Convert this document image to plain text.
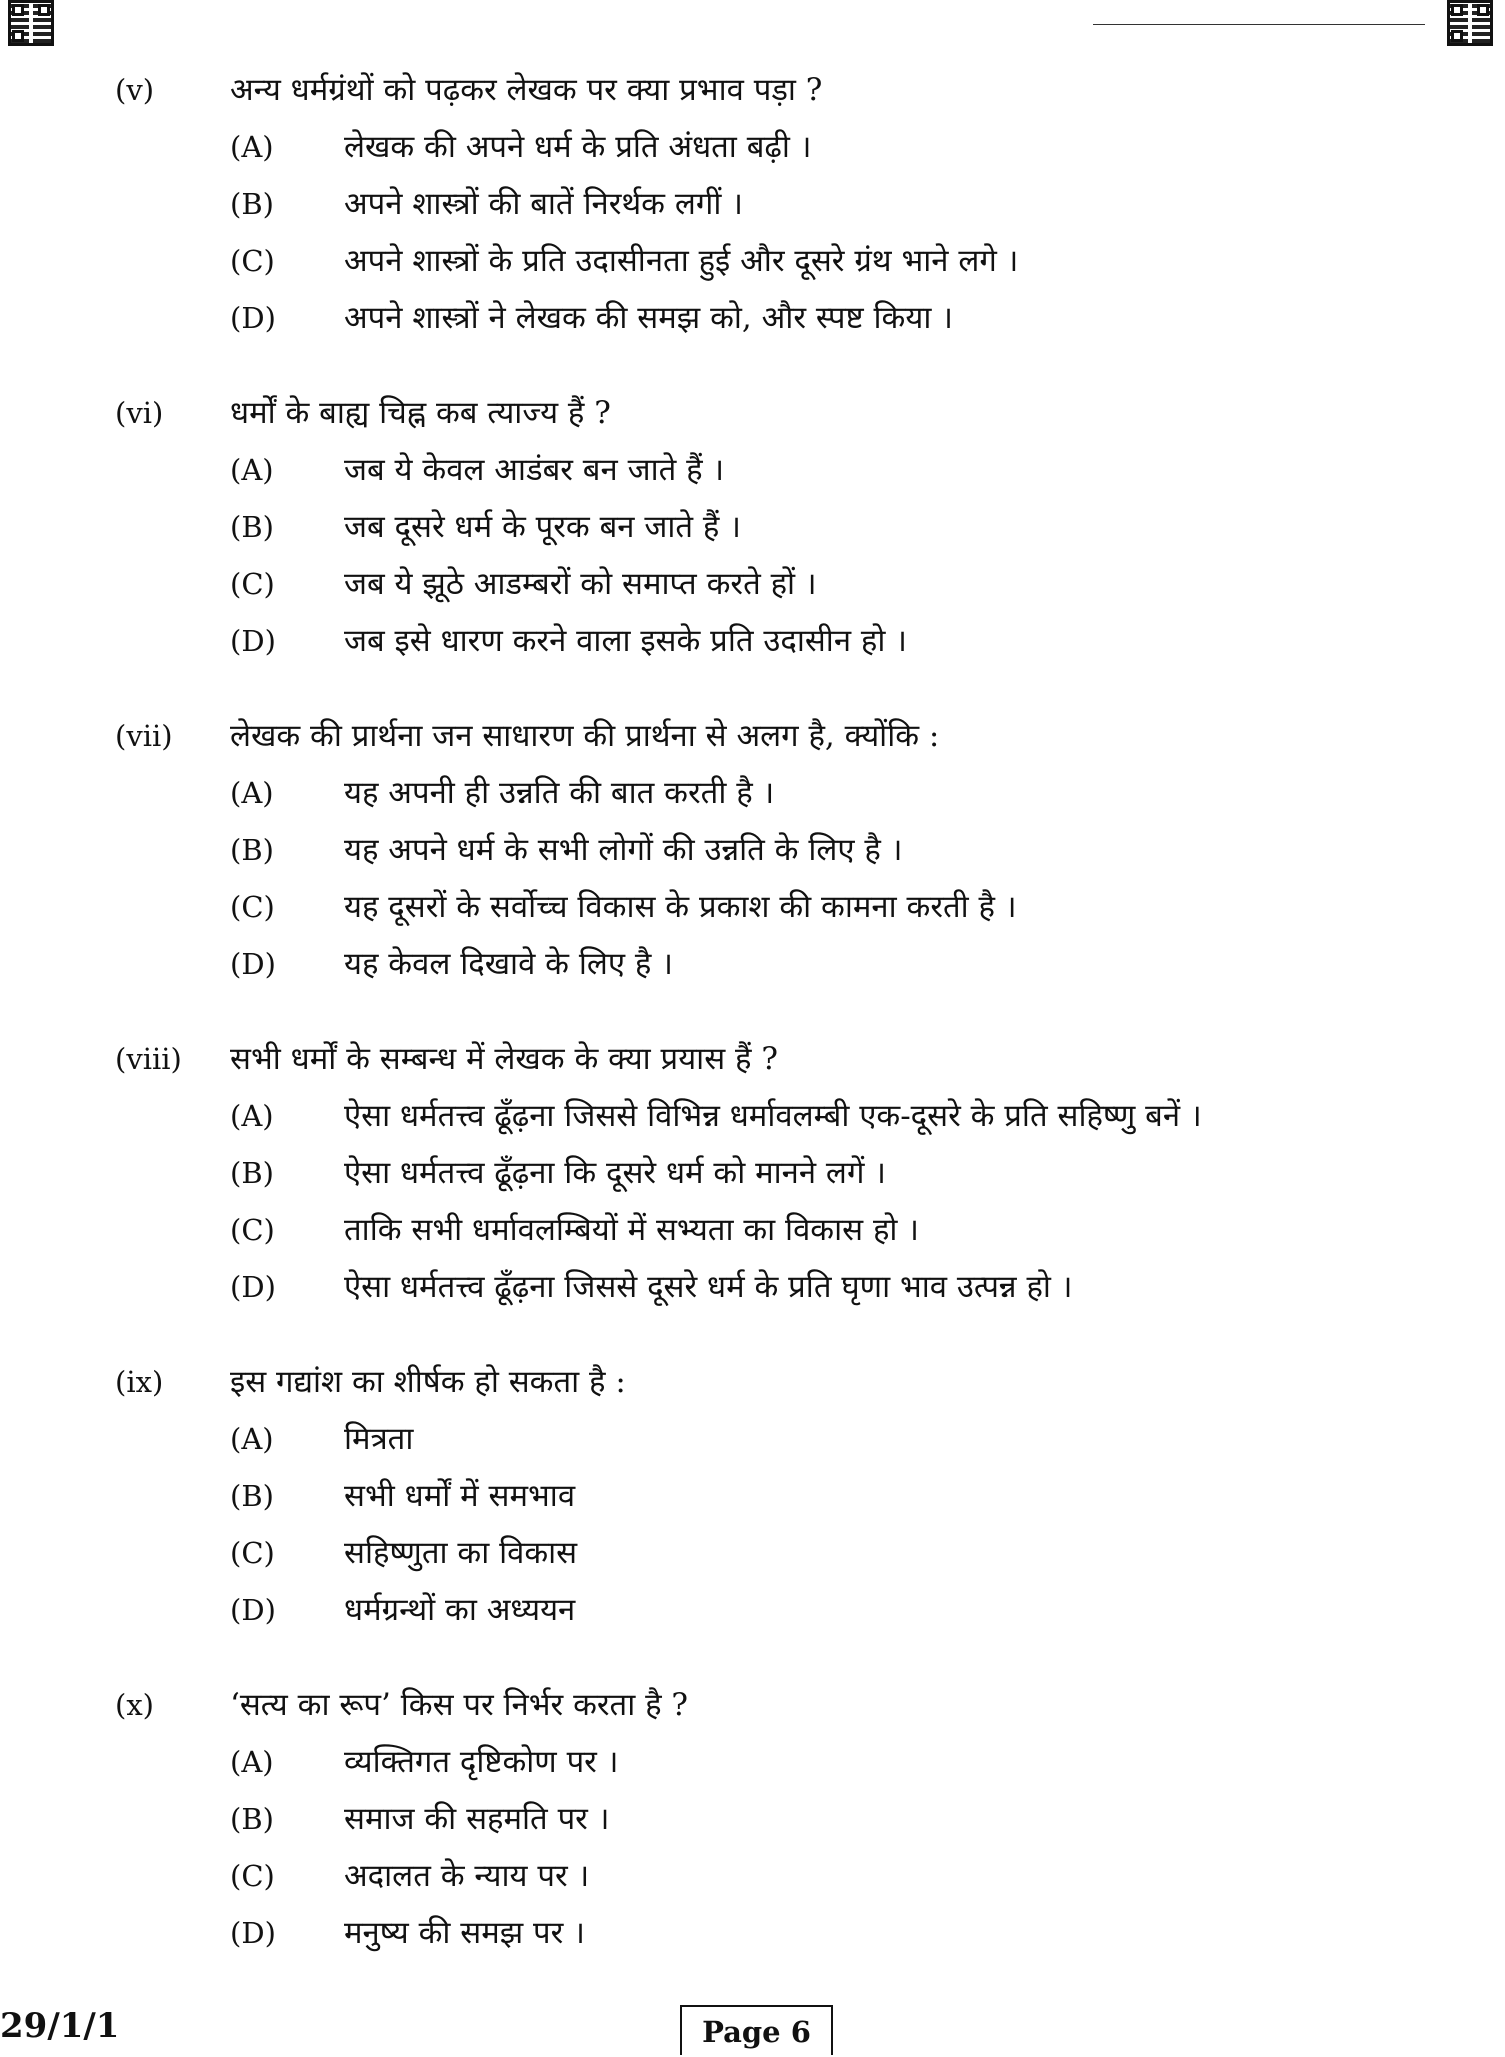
(v) अन्य धर्मग्रंथों को पढ़कर लेखक पर क्या प्रभाव पड़ा ?
(A) लेखक की अपने धर्म के प्रति अंधता बढ़ी ।
(B) अपने शास्त्रों की बातें निरर्थक लगीं ।
(C) अपने शास्त्रों के प्रति उदासीनता हुई और दूसरे ग्रंथ भाने लगे ।
(D) अपने शास्त्रों ने लेखक की समझ को, और स्पष्ट किया ।
(vi) धर्मों के बाह्य चिह्न कब त्याज्य हैं ?
(A) जब ये केवल आडंबर बन जाते हैं ।
(B) जब दूसरे धर्म के पूरक बन जाते हैं ।
(C) जब ये झूठे आडम्बरों को समाप्त करते हों ।
(D) जब इसे धारण करने वाला इसके प्रति उदासीन हो ।
(vii) लेखक की प्रार्थना जन साधारण की प्रार्थना से अलग है, क्योंकि :
(A) यह अपनी ही उन्नति की बात करती है ।
(B) यह अपने धर्म के सभी लोगों की उन्नति के लिए है ।
(C) यह दूसरों के सर्वोच्च विकास के प्रकाश की कामना करती है ।
(D) यह केवल दिखावे के लिए है ।
(viii) सभी धर्मों के सम्बन्ध में लेखक के क्या प्रयास हैं ?
(A) ऐसा धर्मतत्त्व ढूँढ़ना जिससे विभिन्न धर्मावलम्बी एक-दूसरे के प्रति सहिष्णु बनें ।
(B) ऐसा धर्मतत्त्व ढूँढ़ना कि दूसरे धर्म को मानने लगें ।
(C) ताकि सभी धर्मावलम्बियों में सभ्यता का विकास हो ।
(D) ऐसा धर्मतत्त्व ढूँढ़ना जिससे दूसरे धर्म के प्रति घृणा भाव उत्पन्न हो ।
(ix) इस गद्यांश का शीर्षक हो सकता है :
(A) मित्रता
(B) सभी धर्मों में समभाव
(C) सहिष्णुता का विकास
(D) धर्मग्रन्थों का अध्ययन
(x) ‘सत्य का रूप’ किस पर निर्भर करता है ?
(A) व्यक्तिगत दृष्टिकोण पर ।
(B) समाज की सहमति पर ।
(C) अदालत के न्याय पर ।
(D) मनुष्य की समझ पर ।
29/1/1	Page 6
